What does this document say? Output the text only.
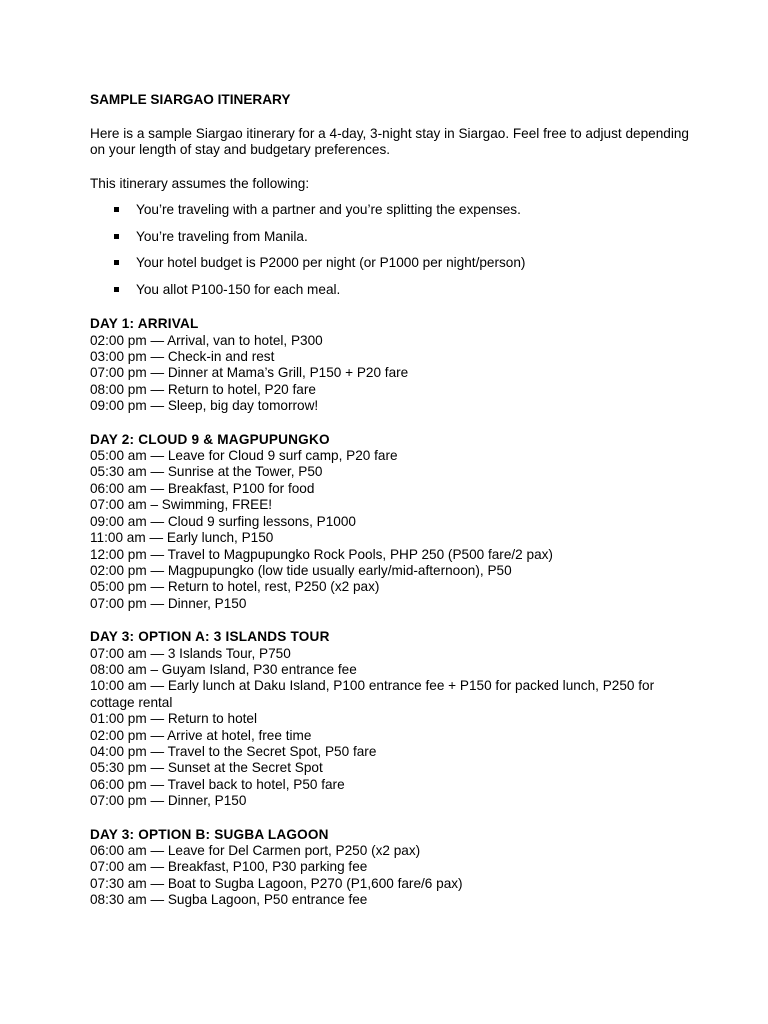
SAMPLE SIARGAO ITINERARY

Here is a sample Siargao itinerary for a 4-day, 3-night stay in Siargao. Feel free to adjust depending on your length of stay and budgetary preferences.

This itinerary assumes the following:

You’re traveling with a partner and you’re splitting the expenses.
You’re traveling from Manila.
Your hotel budget is P2000 per night (or P1000 per night/person)
You allot P100-150 for each meal.
DAY 1: ARRIVAL
02:00 pm — Arrival, van to hotel, P300
03:00 pm — Check-in and rest
07:00 pm — Dinner at Mama’s Grill, P150 + P20 fare
08:00 pm — Return to hotel, P20 fare
09:00 pm — Sleep, big day tomorrow!
DAY 2: CLOUD 9 & MAGPUPUNGKO
05:00 am — Leave for Cloud 9 surf camp, P20 fare
05:30 am — Sunrise at the Tower, P50
06:00 am — Breakfast, P100 for food
07:00 am – Swimming, FREE!
09:00 am — Cloud 9 surfing lessons, P1000
11:00 am — Early lunch, P150
12:00 pm — Travel to Magpupungko Rock Pools, PHP 250 (P500 fare/2 pax)
02:00 pm — Magpupungko (low tide usually early/mid-afternoon), P50
05:00 pm — Return to hotel, rest, P250 (x2 pax)
07:00 pm — Dinner, P150
DAY 3: OPTION A: 3 ISLANDS TOUR
07:00 am — 3 Islands Tour, P750
08:00 am – Guyam Island, P30 entrance fee
10:00 am — Early lunch at Daku Island, P100 entrance fee + P150 for packed lunch, P250 for cottage rental
01:00 pm — Return to hotel
02:00 pm — Arrive at hotel, free time
04:00 pm — Travel to the Secret Spot, P50 fare
05:30 pm — Sunset at the Secret Spot
06:00 pm — Travel back to hotel, P50 fare
07:00 pm — Dinner, P150
DAY 3: OPTION B: SUGBA LAGOON
06:00 am — Leave for Del Carmen port, P250 (x2 pax)
07:00 am — Breakfast, P100, P30 parking fee
07:30 am — Boat to Sugba Lagoon, P270 (P1,600 fare/6 pax)
08:30 am — Sugba Lagoon, P50 entrance fee
